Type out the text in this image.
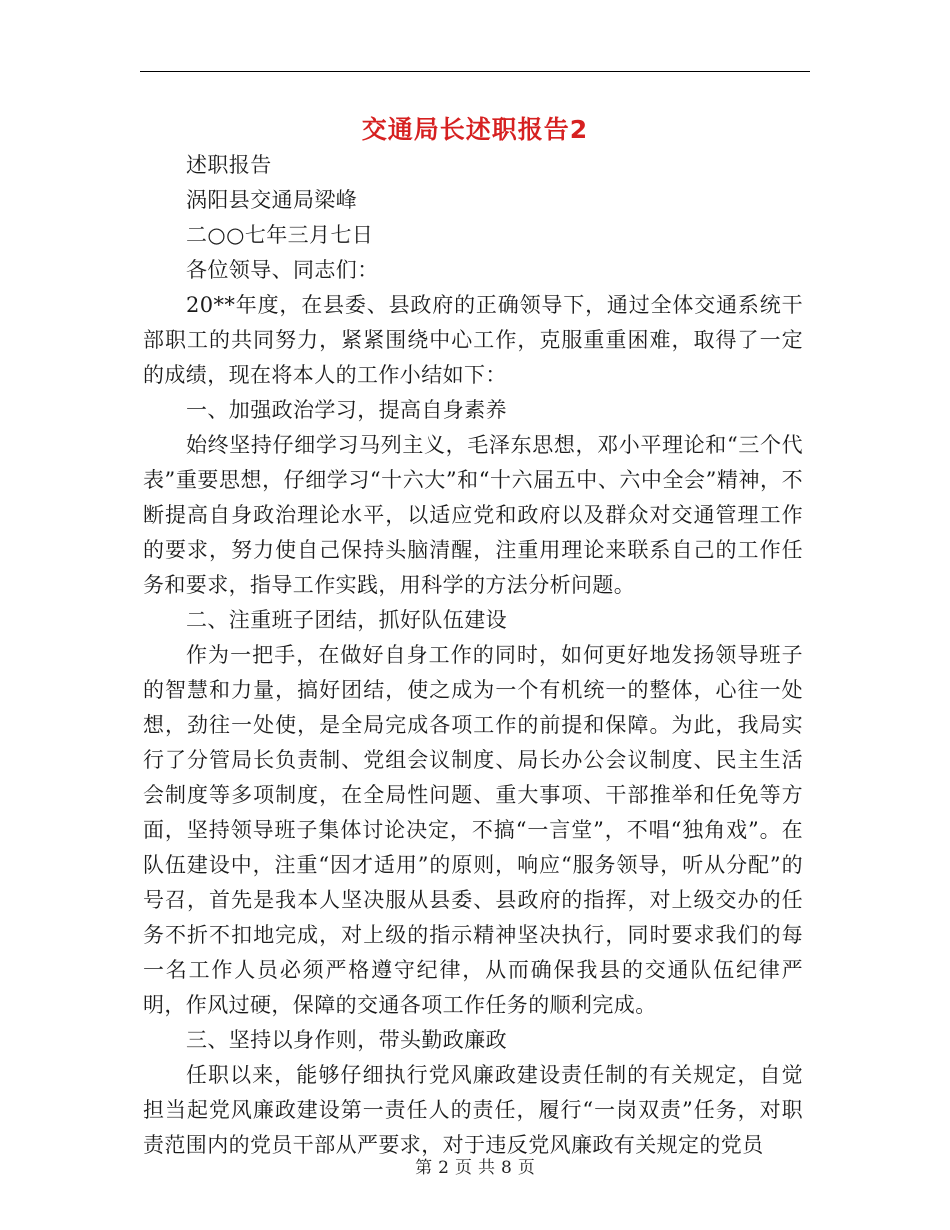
交通局长述职报告2

述职报告

涡阳县交通局梁峰

二○○七年三月七日

各位领导、同志们：

20**年度，在县委、县政府的正确领导下，通过全体交通系统干部职工的共同努力，紧紧围绕中心工作，克服重重困难，取得了一定的成绩，现在将本人的工作小结如下：

一、加强政治学习，提高自身素养

始终坚持仔细学习马列主义，毛泽东思想，邓小平理论和“三个代表”重要思想，仔细学习“十六大”和“十六届五中、六中全会”精神，不断提高自身政治理论水平，以适应党和政府以及群众对交通管理工作的要求，努力使自己保持头脑清醒，注重用理论来联系自己的工作任务和要求，指导工作实践，用科学的方法分析问题。

二、注重班子团结，抓好队伍建设

作为一把手，在做好自身工作的同时，如何更好地发扬领导班子的智慧和力量，搞好团结，使之成为一个有机统一的整体，心往一处想，劲往一处使，是全局完成各项工作的前提和保障。为此，我局实行了分管局长负责制、党组会议制度、局长办公会议制度、民主生活会制度等多项制度，在全局性问题、重大事项、干部推举和任免等方面，坚持领导班子集体讨论决定，不搞“一言堂”，不唱“独角戏”。在队伍建设中，注重“因才适用”的原则，响应“服务领导，听从分配”的号召，首先是我本人坚决服从县委、县政府的指挥，对上级交办的任务不折不扣地完成，对上级的指示精神坚决执行，同时要求我们的每一名工作人员必须严格遵守纪律，从而确保我县的交通队伍纪律严明，作风过硬，保障的交通各项工作任务的顺利完成。

三、坚持以身作则，带头勤政廉政

任职以来，能够仔细执行党风廉政建设责任制的有关规定，自觉担当起党风廉政建设第一责任人的责任，履行“一岗双责”任务，对职责范围内的党员干部从严要求，对于违反党风廉政有关规定的党员

第 2 页 共 8 页
